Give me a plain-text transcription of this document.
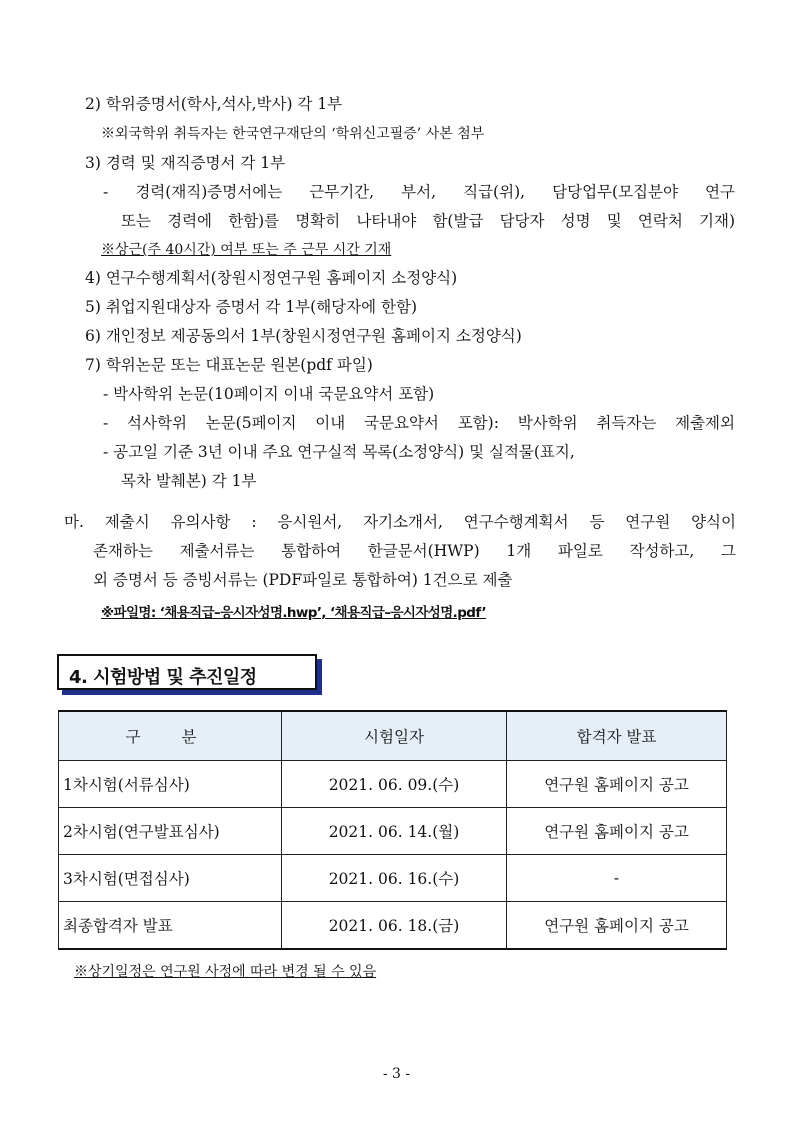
2) 학위증명서(학사,석사,박사) 각 1부
※외국학위 취득자는 한국연구재단의 ‘학위신고필증’ 사본 첨부
3) 경력 및 재직증명서 각 1부
- 경력(재직)증명서에는 근무기간, 부서, 직급(위), 담당업무(모집분야 연구
또는 경력에 한함)를 명확히 나타내야 함(발급 담당자 성명 및 연락처 기재)
※상근(주 40시간) 여부 또는 주 근무 시간 기재
4) 연구수행계획서(창원시정연구원 홈페이지 소정양식)
5) 취업지원대상자 증명서 각 1부(해당자에 한함)
6) 개인정보 제공동의서 1부(창원시정연구원 홈페이지 소정양식)
7) 학위논문 또는 대표논문 원본(pdf 파일)
- 박사학위 논문(10페이지 이내 국문요약서 포함)
- 석사학위 논문(5페이지 이내 국문요약서 포함): 박사학위 취득자는 제출제외
- 공고일 기준 3년 이내 주요 연구실적 목록(소정양식) 및 실적물(표지,
목차 발췌본) 각 1부
마. 제출시 유의사항 : 응시원서, 자기소개서, 연구수행계획서 등 연구원 양식이
존재하는 제출서류는 통합하여 한글문서(HWP) 1개 파일로 작성하고, 그
외 증명서 등 증빙서류는 (PDF파일로 통합하여) 1건으로 제출
※파일명: ‘채용직급–응시자성명.hwp’, ‘채용직급–응시자성명.pdf’
4. 시험방법 및 추진일정
구 분	시험일자	합격자 발표
1차시험(서류심사)	2021. 06. 09.(수)	연구원 홈페이지 공고
2차시험(연구발표심사)	2021. 06. 14.(월)	연구원 홈페이지 공고
3차시험(면접심사)	2021. 06. 16.(수)	-
최종합격자 발표	2021. 06. 18.(금)	연구원 홈페이지 공고
※상기일정은 연구원 사정에 따라 변경 될 수 있음
- 3 -
